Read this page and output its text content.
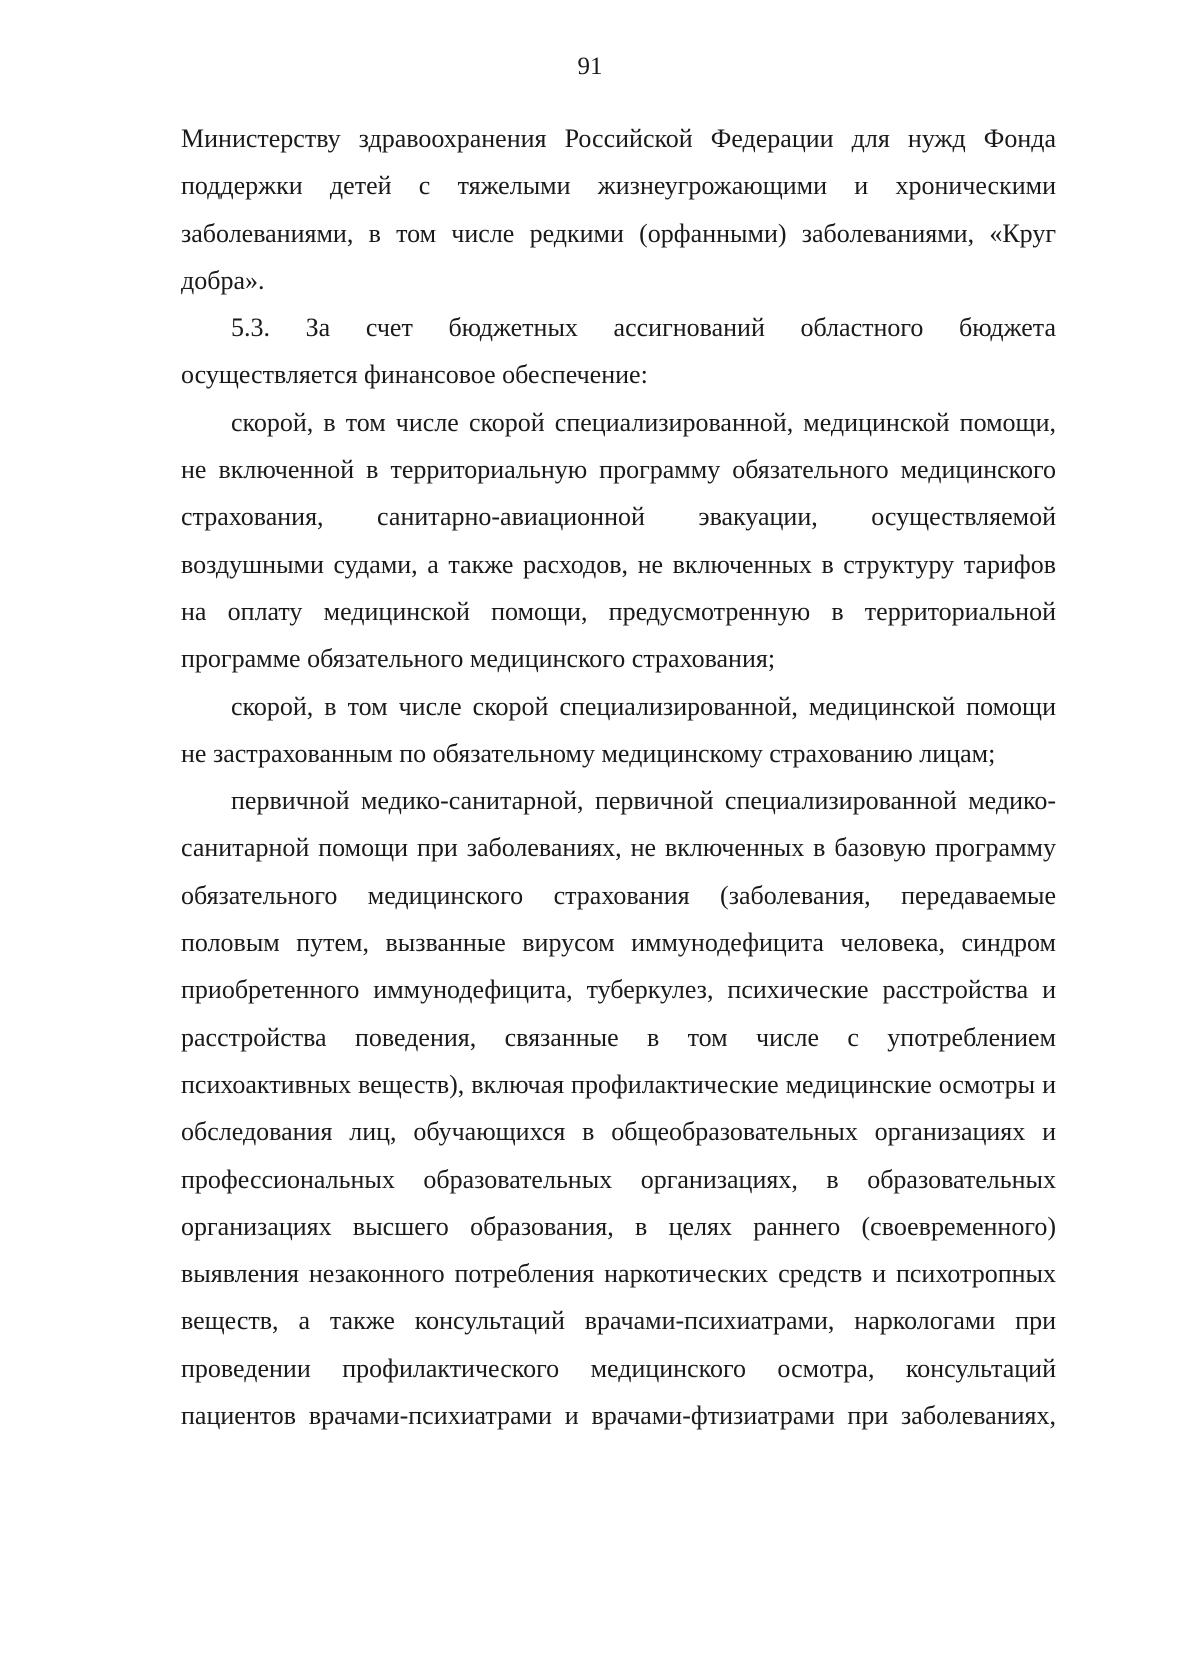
91

Министерству здравоохранения Российской Федерации для нужд Фонда поддержки детей с тяжелыми жизнеугрожающими и хроническими заболеваниями, в том числе редкими (орфанными) заболеваниями, «Круг добра».

5.3. За счет бюджетных ассигнований областного бюджета осуществляется финансовое обеспечение:

скорой, в том числе скорой специализированной, медицинской помощи, не включенной в территориальную программу обязательного медицинского страхования, санитарно-авиационной эвакуации, осуществляемой воздушными судами, а также расходов, не включенных в структуру тарифов на оплату медицинской помощи, предусмотренную в территориальной программе обязательного медицинского страхования;

скорой, в том числе скорой специализированной, медицинской помощи не застрахованным по обязательному медицинскому страхованию лицам;

первичной медико-санитарной, первичной специализированной медико-санитарной помощи при заболеваниях, не включенных в базовую программу обязательного медицинского страхования (заболевания, передаваемые половым путем, вызванные вирусом иммунодефицита человека, синдром приобретенного иммунодефицита, туберкулез, психические расстройства и расстройства поведения, связанные в том числе с употреблением психоактивных веществ), включая профилактические медицинские осмотры и обследования лиц, обучающихся в общеобразовательных организациях и профессиональных образовательных организациях, в образовательных организациях высшего образования, в целях раннего (своевременного) выявления незаконного потребления наркотических средств и психотропных веществ, а также консультаций врачами-психиатрами, наркологами при проведении профилактического медицинского осмотра, консультаций пациентов врачами-психиатрами и врачами-фтизиатрами при заболеваниях,
